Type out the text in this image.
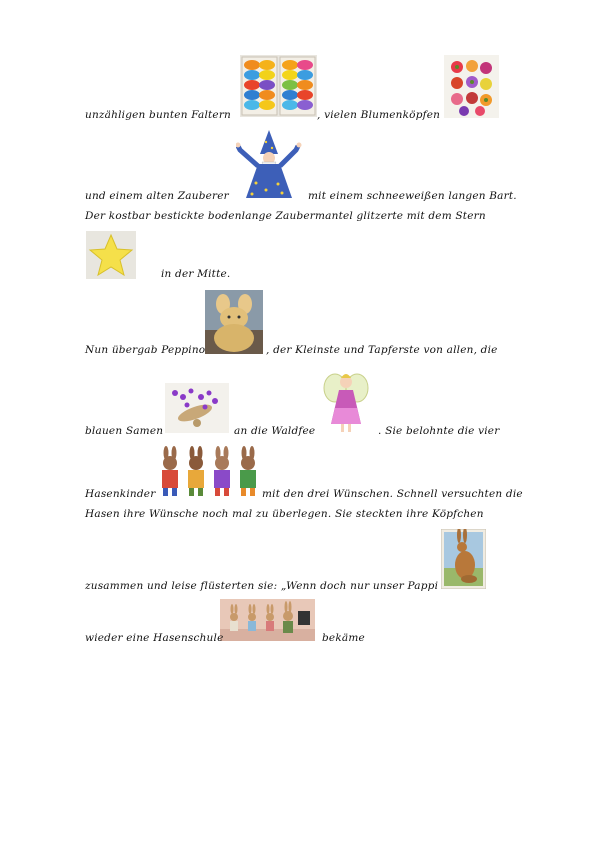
unzähligen bunten Faltern	, vielen Blumenköpfen
und einem alten Zauberer	mit einem schneeweißen langen Bart.
Der kostbar bestickte bodenlange Zaubermantel glitzerte mit dem Stern
in der Mitte.
Nun übergab Peppino	, der Kleinste und Tapferste von allen, die
blauen Samen	an die Waldfee	. Sie belohnte die vier
Hasenkinder	mit den drei Wünschen. Schnell versuchten die
Hasen ihre Wünsche noch mal zu überlegen. Sie steckten ihre Köpfchen
zusammen und leise flüsterten sie: „Wenn doch nur unser Pappi
wieder eine Hasenschule	bekäme
